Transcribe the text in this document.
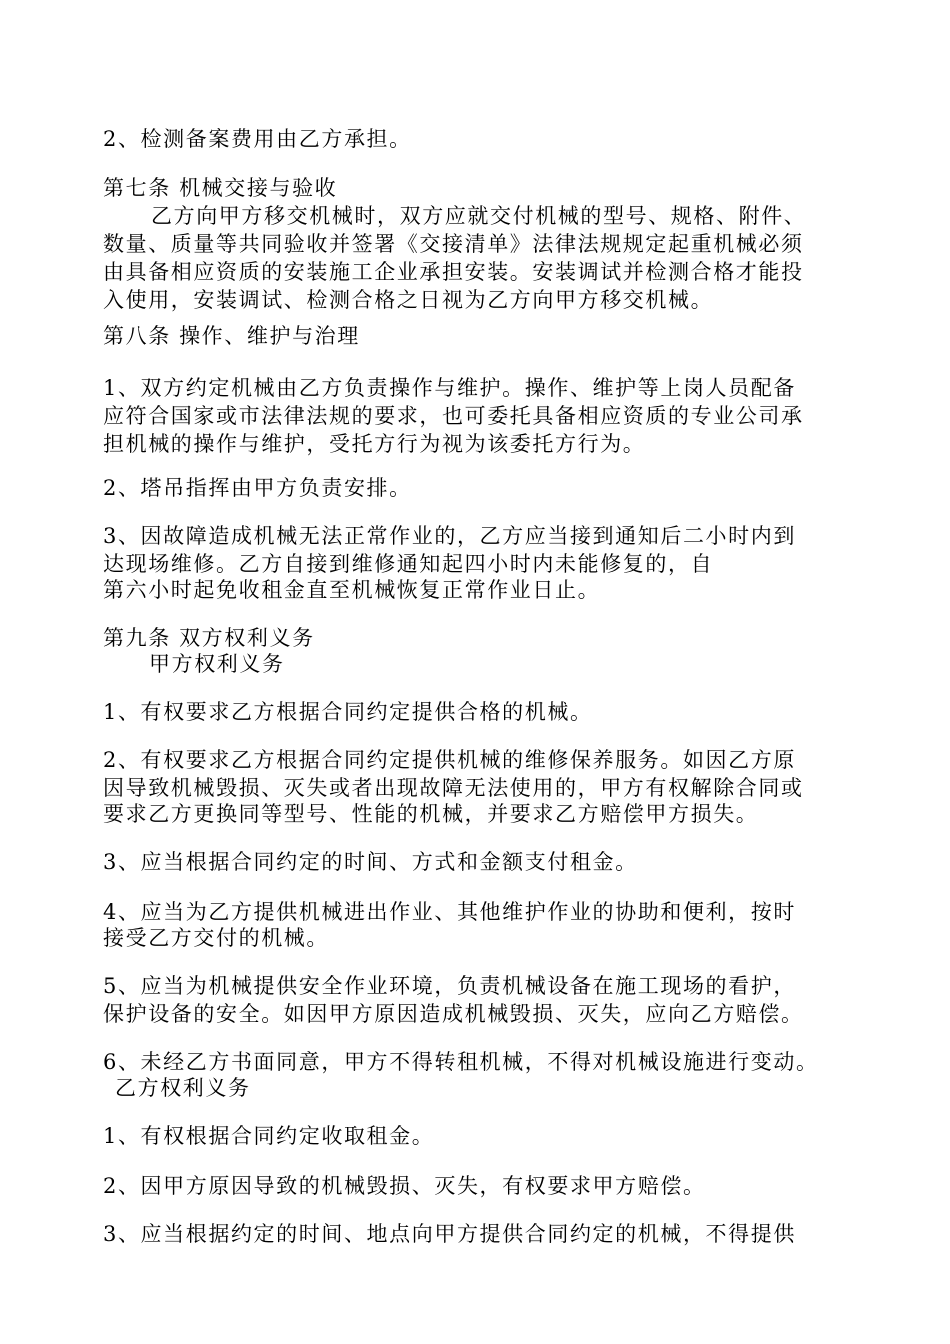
2、检测备案费用由乙方承担。
第七条 机械交接与验收
乙方向甲方移交机械时，双方应就交付机械的型号、规格、附件、
数量、质量等共同验收并签署《交接清单》法律法规规定起重机械必须
由具备相应资质的安装施工企业承担安装。安装调试并检测合格才能投
入使用，安装调试、检测合格之日视为乙方向甲方移交机械。
第八条 操作、维护与治理
1、双方约定机械由乙方负责操作与维护。操作、维护等上岗人员配备
应符合国家或市法律法规的要求，也可委托具备相应资质的专业公司承
担机械的操作与维护，受托方行为视为该委托方行为。
2、塔吊指挥由甲方负责安排。
3、因故障造成机械无法正常作业的，乙方应当接到通知后二小时内到
达现场维修。乙方自接到维修通知起四小时内未能修复的，自
第六小时起免收租金直至机械恢复正常作业日止。
第九条 双方权利义务
甲方权利义务
1、有权要求乙方根据合同约定提供合格的机械。
2、有权要求乙方根据合同约定提供机械的维修保养服务。如因乙方原
因导致机械毁损、灭失或者出现故障无法使用的，甲方有权解除合同或
要求乙方更换同等型号、性能的机械，并要求乙方赔偿甲方损失。
3、应当根据合同约定的时间、方式和金额支付租金。
4、应当为乙方提供机械进出作业、其他维护作业的协助和便利，按时
接受乙方交付的机械。
5、应当为机械提供安全作业环境，负责机械设备在施工现场的看护，
保护设备的安全。如因甲方原因造成机械毁损、灭失，应向乙方赔偿。
6、未经乙方书面同意，甲方不得转租机械，不得对机械设施进行变动。
乙方权利义务
1、有权根据合同约定收取租金。
2、因甲方原因导致的机械毁损、灭失，有权要求甲方赔偿。
3、应当根据约定的时间、地点向甲方提供合同约定的机械，不得提供
